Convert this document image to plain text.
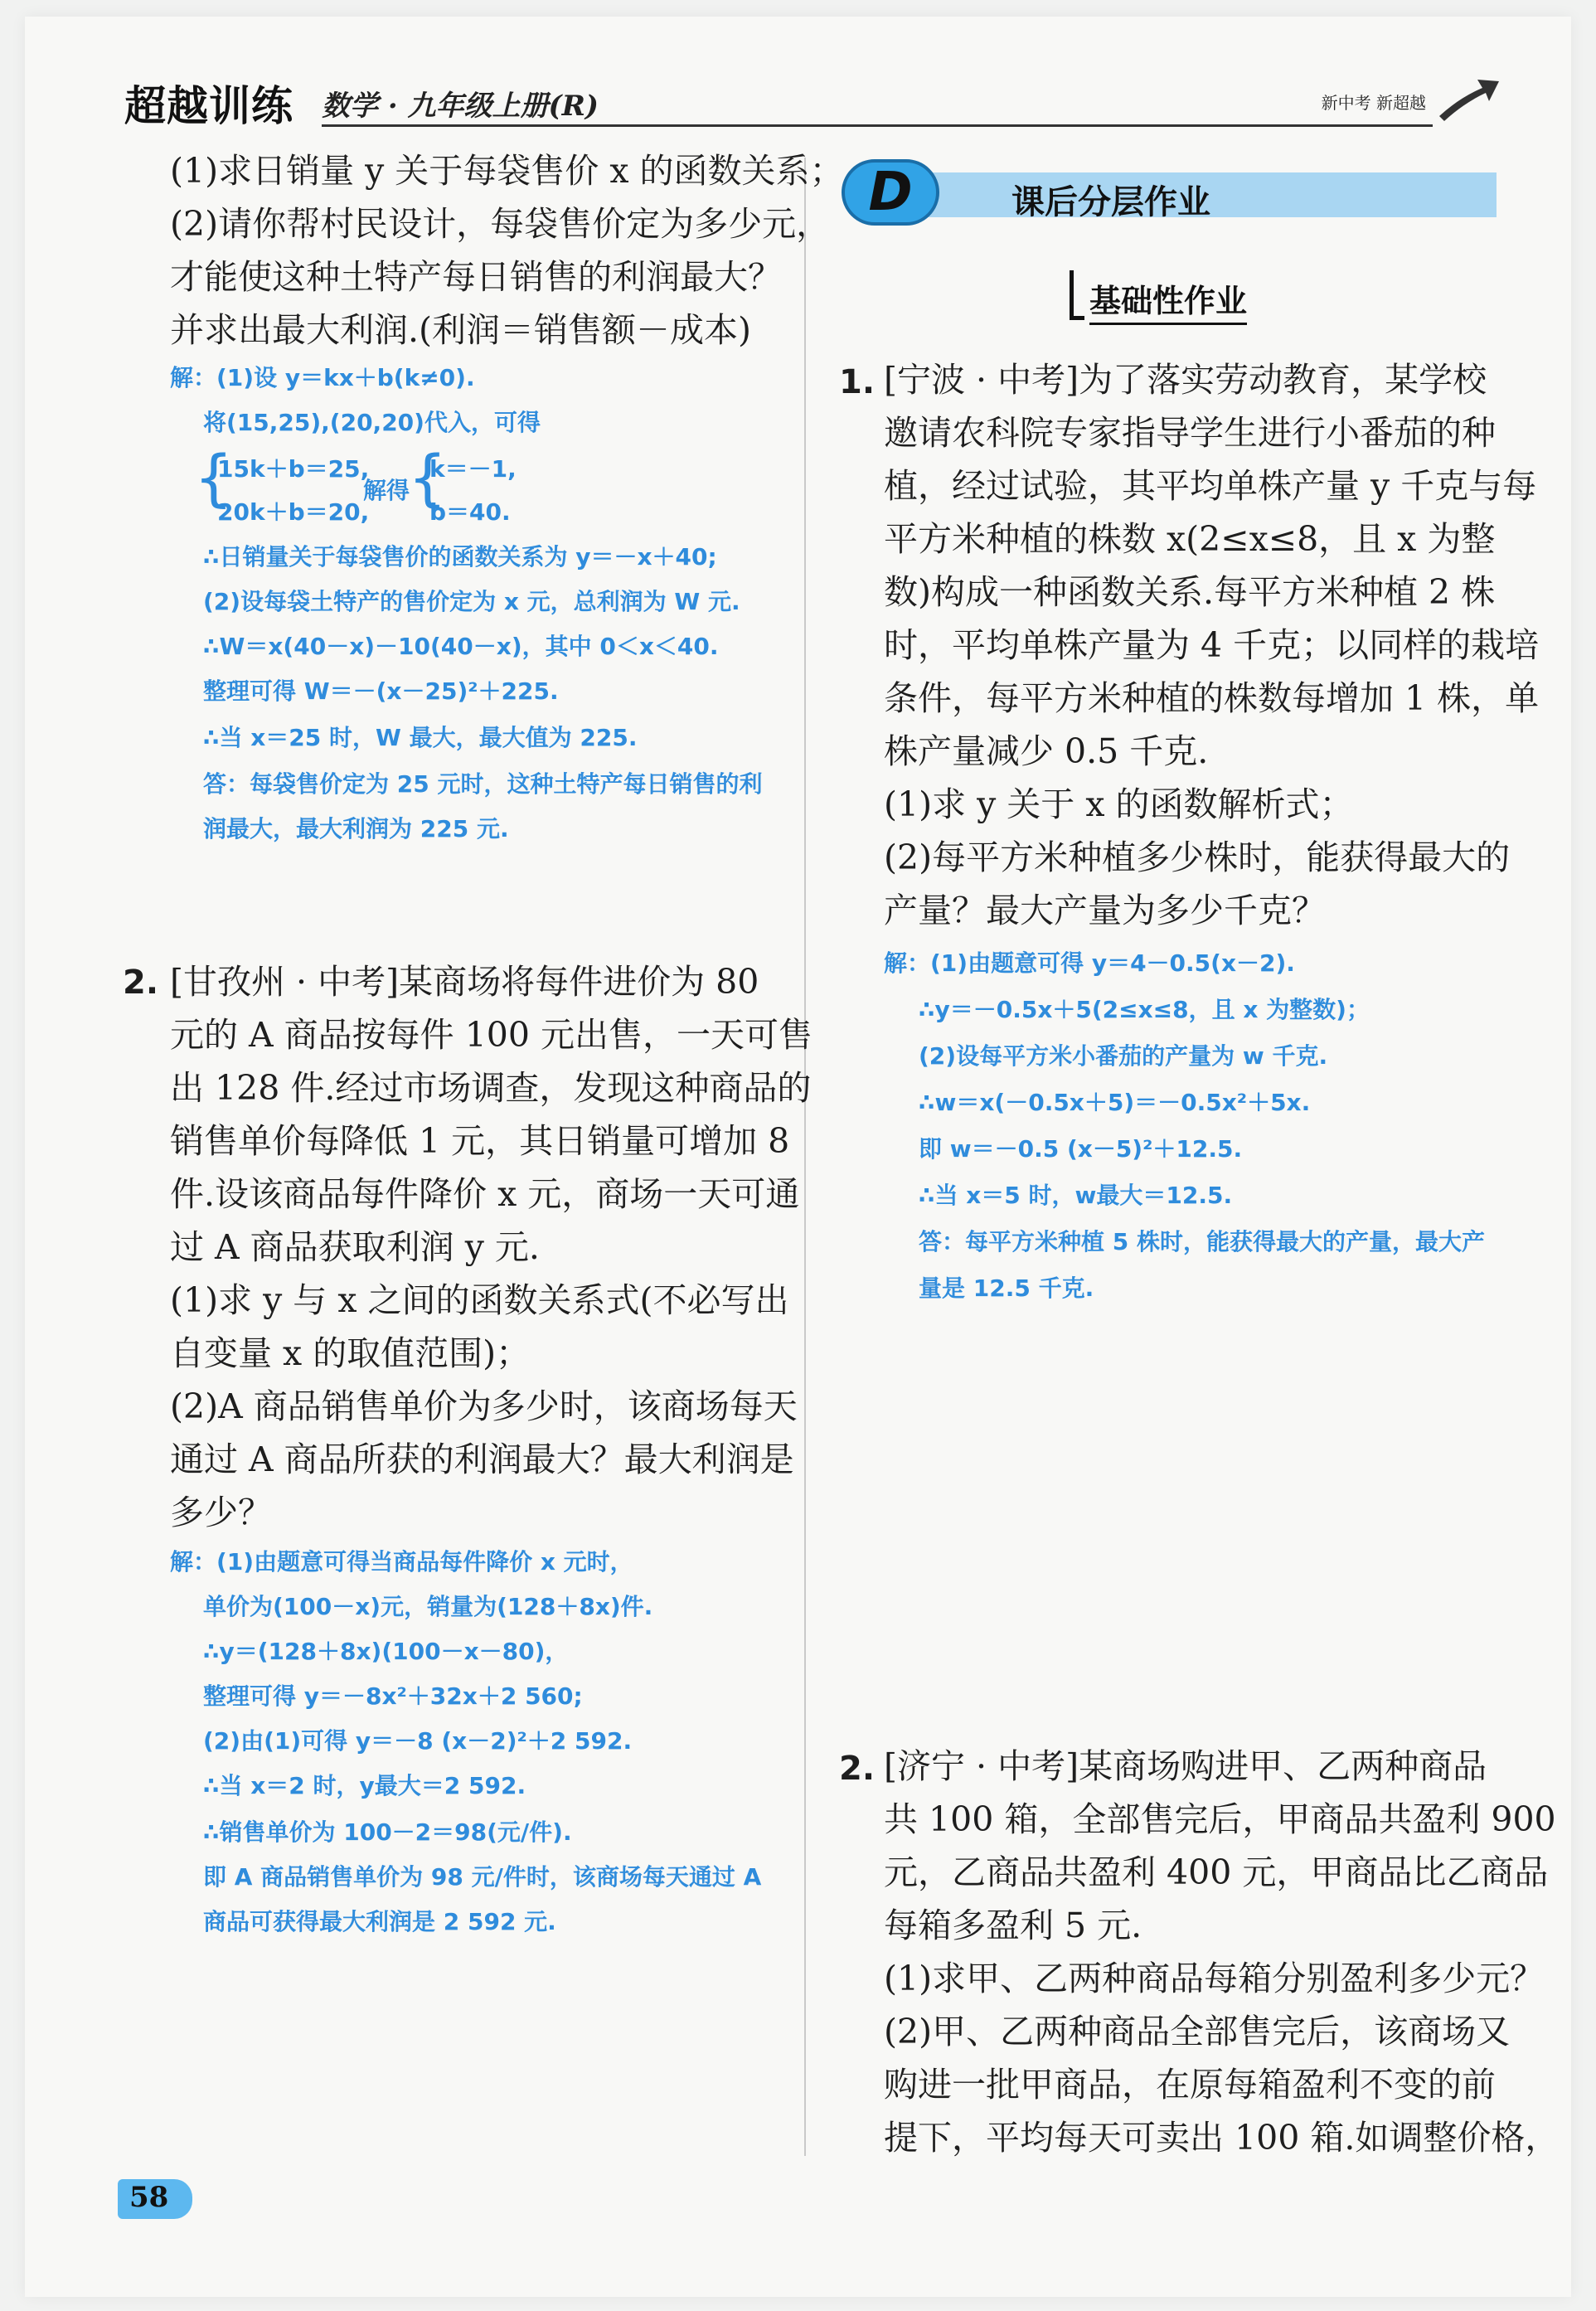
超越训练 数学 · 九年级上册(R)	新中考 新超越
(1)求日销量 y 关于每袋售价 x 的函数关系；
(2)请你帮村民设计，每袋售价定为多少元，
才能使这种土特产每日销售的利润最大？
并求出最大利润.(利润＝销售额－成本)
解：(1)设 y＝kx＋b(k≠0).
将(15,25),(20,20)代入，可得
{
15k＋b＝25,
20k＋b＝20,
解得
{
k＝－1,
b＝40.
∴日销量关于每袋售价的函数关系为 y＝－x＋40;
(2)设每袋土特产的售价定为 x 元，总利润为 W 元.
∴W＝x(40－x)－10(40－x)，其中 0＜x＜40.
整理可得 W＝－(x－25)²＋225.
∴当 x＝25 时，W 最大，最大值为 225.
答：每袋售价定为 25 元时，这种土特产每日销售的利
润最大，最大利润为 225 元.
2. [甘孜州 · 中考]某商场将每件进价为 80
元的 A 商品按每件 100 元出售，一天可售
出 128 件.经过市场调查，发现这种商品的
销售单价每降低 1 元，其日销量可增加 8
件.设该商品每件降价 x 元，商场一天可通
过 A 商品获取利润 y 元.
(1)求 y 与 x 之间的函数关系式(不必写出
自变量 x 的取值范围)；
(2)A 商品销售单价为多少时，该商场每天
通过 A 商品所获的利润最大？最大利润是
多少？
解：(1)由题意可得当商品每件降价 x 元时，
单价为(100－x)元，销量为(128＋8x)件.
∴y＝(128＋8x)(100－x－80)，
整理可得 y＝－8x²＋32x＋2 560;
(2)由(1)可得 y＝－8 (x－2)²＋2 592.
∴当 x＝2 时，y最大＝2 592.
∴销售单价为 100－2＝98(元/件).
即 A 商品销售单价为 98 元/件时，该商场每天通过 A
商品可获得最大利润是 2 592 元.
D	课后分层作业
基础性作业
1. [宁波 · 中考]为了落实劳动教育，某学校
邀请农科院专家指导学生进行小番茄的种
植，经过试验，其平均单株产量 y 千克与每
平方米种植的株数 x(2≤x≤8，且 x 为整
数)构成一种函数关系.每平方米种植 2 株
时，平均单株产量为 4 千克；以同样的栽培
条件，每平方米种植的株数每增加 1 株，单
株产量减少 0.5 千克.
(1)求 y 关于 x 的函数解析式；
(2)每平方米种植多少株时，能获得最大的
产量？最大产量为多少千克？
解：(1)由题意可得 y＝4－0.5(x－2).
∴y＝－0.5x＋5(2≤x≤8，且 x 为整数)；
(2)设每平方米小番茄的产量为 w 千克.
∴w＝x(－0.5x＋5)＝－0.5x²＋5x.
即 w＝－0.5 (x－5)²＋12.5.
∴当 x＝5 时，w最大＝12.5.
答：每平方米种植 5 株时，能获得最大的产量，最大产
量是 12.5 千克.
2. [济宁 · 中考]某商场购进甲、乙两种商品
共 100 箱，全部售完后，甲商品共盈利 900
元，乙商品共盈利 400 元，甲商品比乙商品
每箱多盈利 5 元.
(1)求甲、乙两种商品每箱分别盈利多少元？
(2)甲、乙两种商品全部售完后，该商场又
购进一批甲商品，在原每箱盈利不变的前
提下，平均每天可卖出 100 箱.如调整价格，
58
